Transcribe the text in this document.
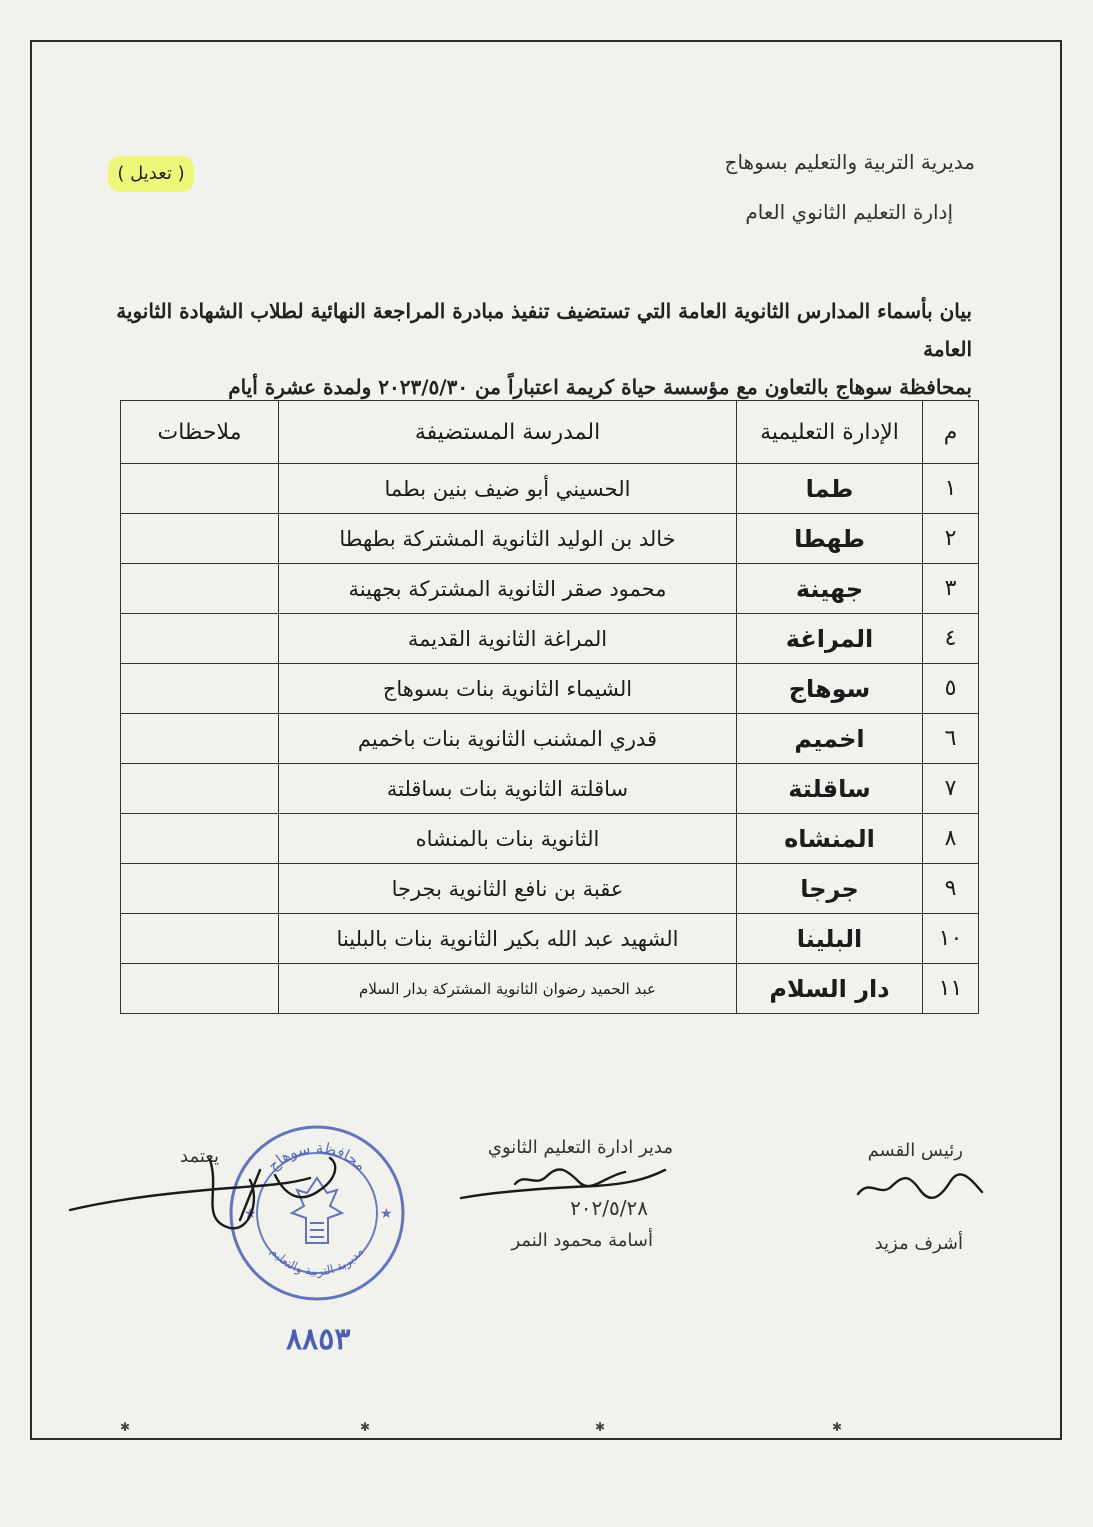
مديرية التربية والتعليم بسوهاج
إدارة التعليم الثانوي العام
( تعديل )
بيان بأسماء المدارس الثانوية العامة التي تستضيف تنفيذ مبادرة المراجعة النهائية لطلاب الشهادة الثانوية العامة
بمحافظة سوهاج بالتعاون مع مؤسسة حياة كريمة اعتباراً من ٢٠٢٣/٥/٣٠ ولمدة عشرة أيام
م	الإدارة التعليمية	المدرسة المستضيفة	ملاحظات
١	طما	الحسيني أبو ضيف بنين بطما	
٢	طهطا	خالد بن الوليد الثانوية المشتركة بطهطا	
٣	جهينة	محمود صقر الثانوية المشتركة بجهينة	
٤	المراغة	المراغة الثانوية القديمة	
٥	سوهاج	الشيماء الثانوية بنات بسوهاج	
٦	اخميم	قدري المشنب الثانوية بنات باخميم	
٧	ساقلتة	ساقلتة الثانوية بنات بساقلتة	
٨	المنشاه	الثانوية بنات بالمنشاه	
٩	جرجا	عقبة بن نافع الثانوية بجرجا	
١٠	البلينا	الشهيد عبد الله بكير الثانوية بنات بالبلينا	
١١	دار السلام	عبد الحميد رضوان الثانوية المشتركة بدار السلام	
رئيس القسم
أشرف مزيد
مدير ادارة التعليم الثانوي
٢٠٢/٥/٢٨
أسامة محمود النمر
يعتمد	محافظة سوهاج
مديرية التربية والتعليم
★	★
٨٨٥٣
✱	✱	✱	✱
